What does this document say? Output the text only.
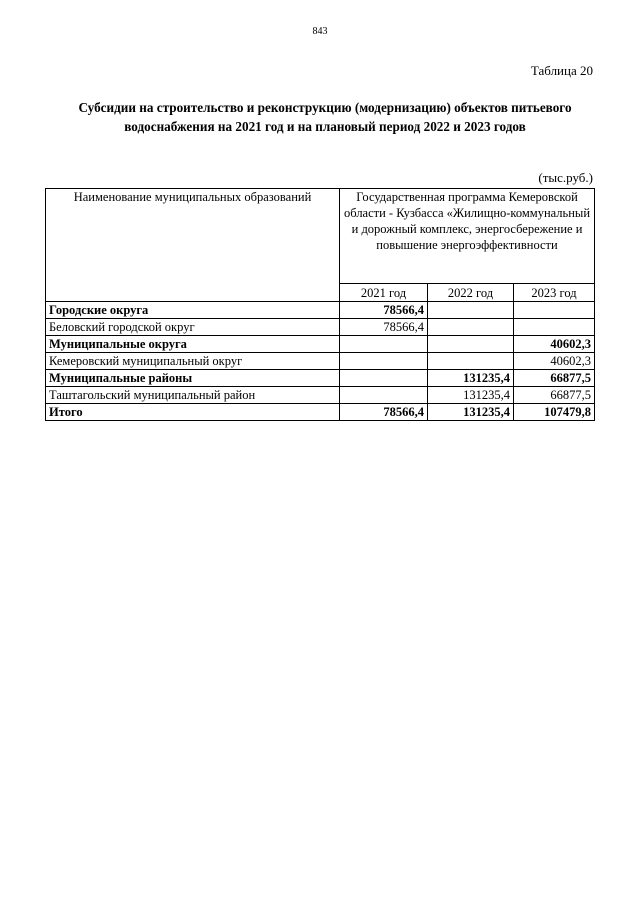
843
Таблица 20
Субсидии на строительство и реконструкцию (модернизацию) объектов питьевого водоснабжения на 2021 год и на плановый период 2022 и 2023 годов
(тыс.руб.)
Наименование муниципальных образований	Государственная программа Кемеровской области - Кузбасса «Жилищно-коммунальный и дорожный комплекс, энергосбережение и повышение энергоэффективности		

	2021 год	2022 год	2023 год
Городские округа	78566,4		
Беловский городской округ	78566,4		
Муниципальные округа			40602,3
Кемеровский муниципальный округ			40602,3
Муниципальные районы		131235,4	66877,5
Таштагольский муниципальный район		131235,4	66877,5
Итого	78566,4	131235,4	107479,8
